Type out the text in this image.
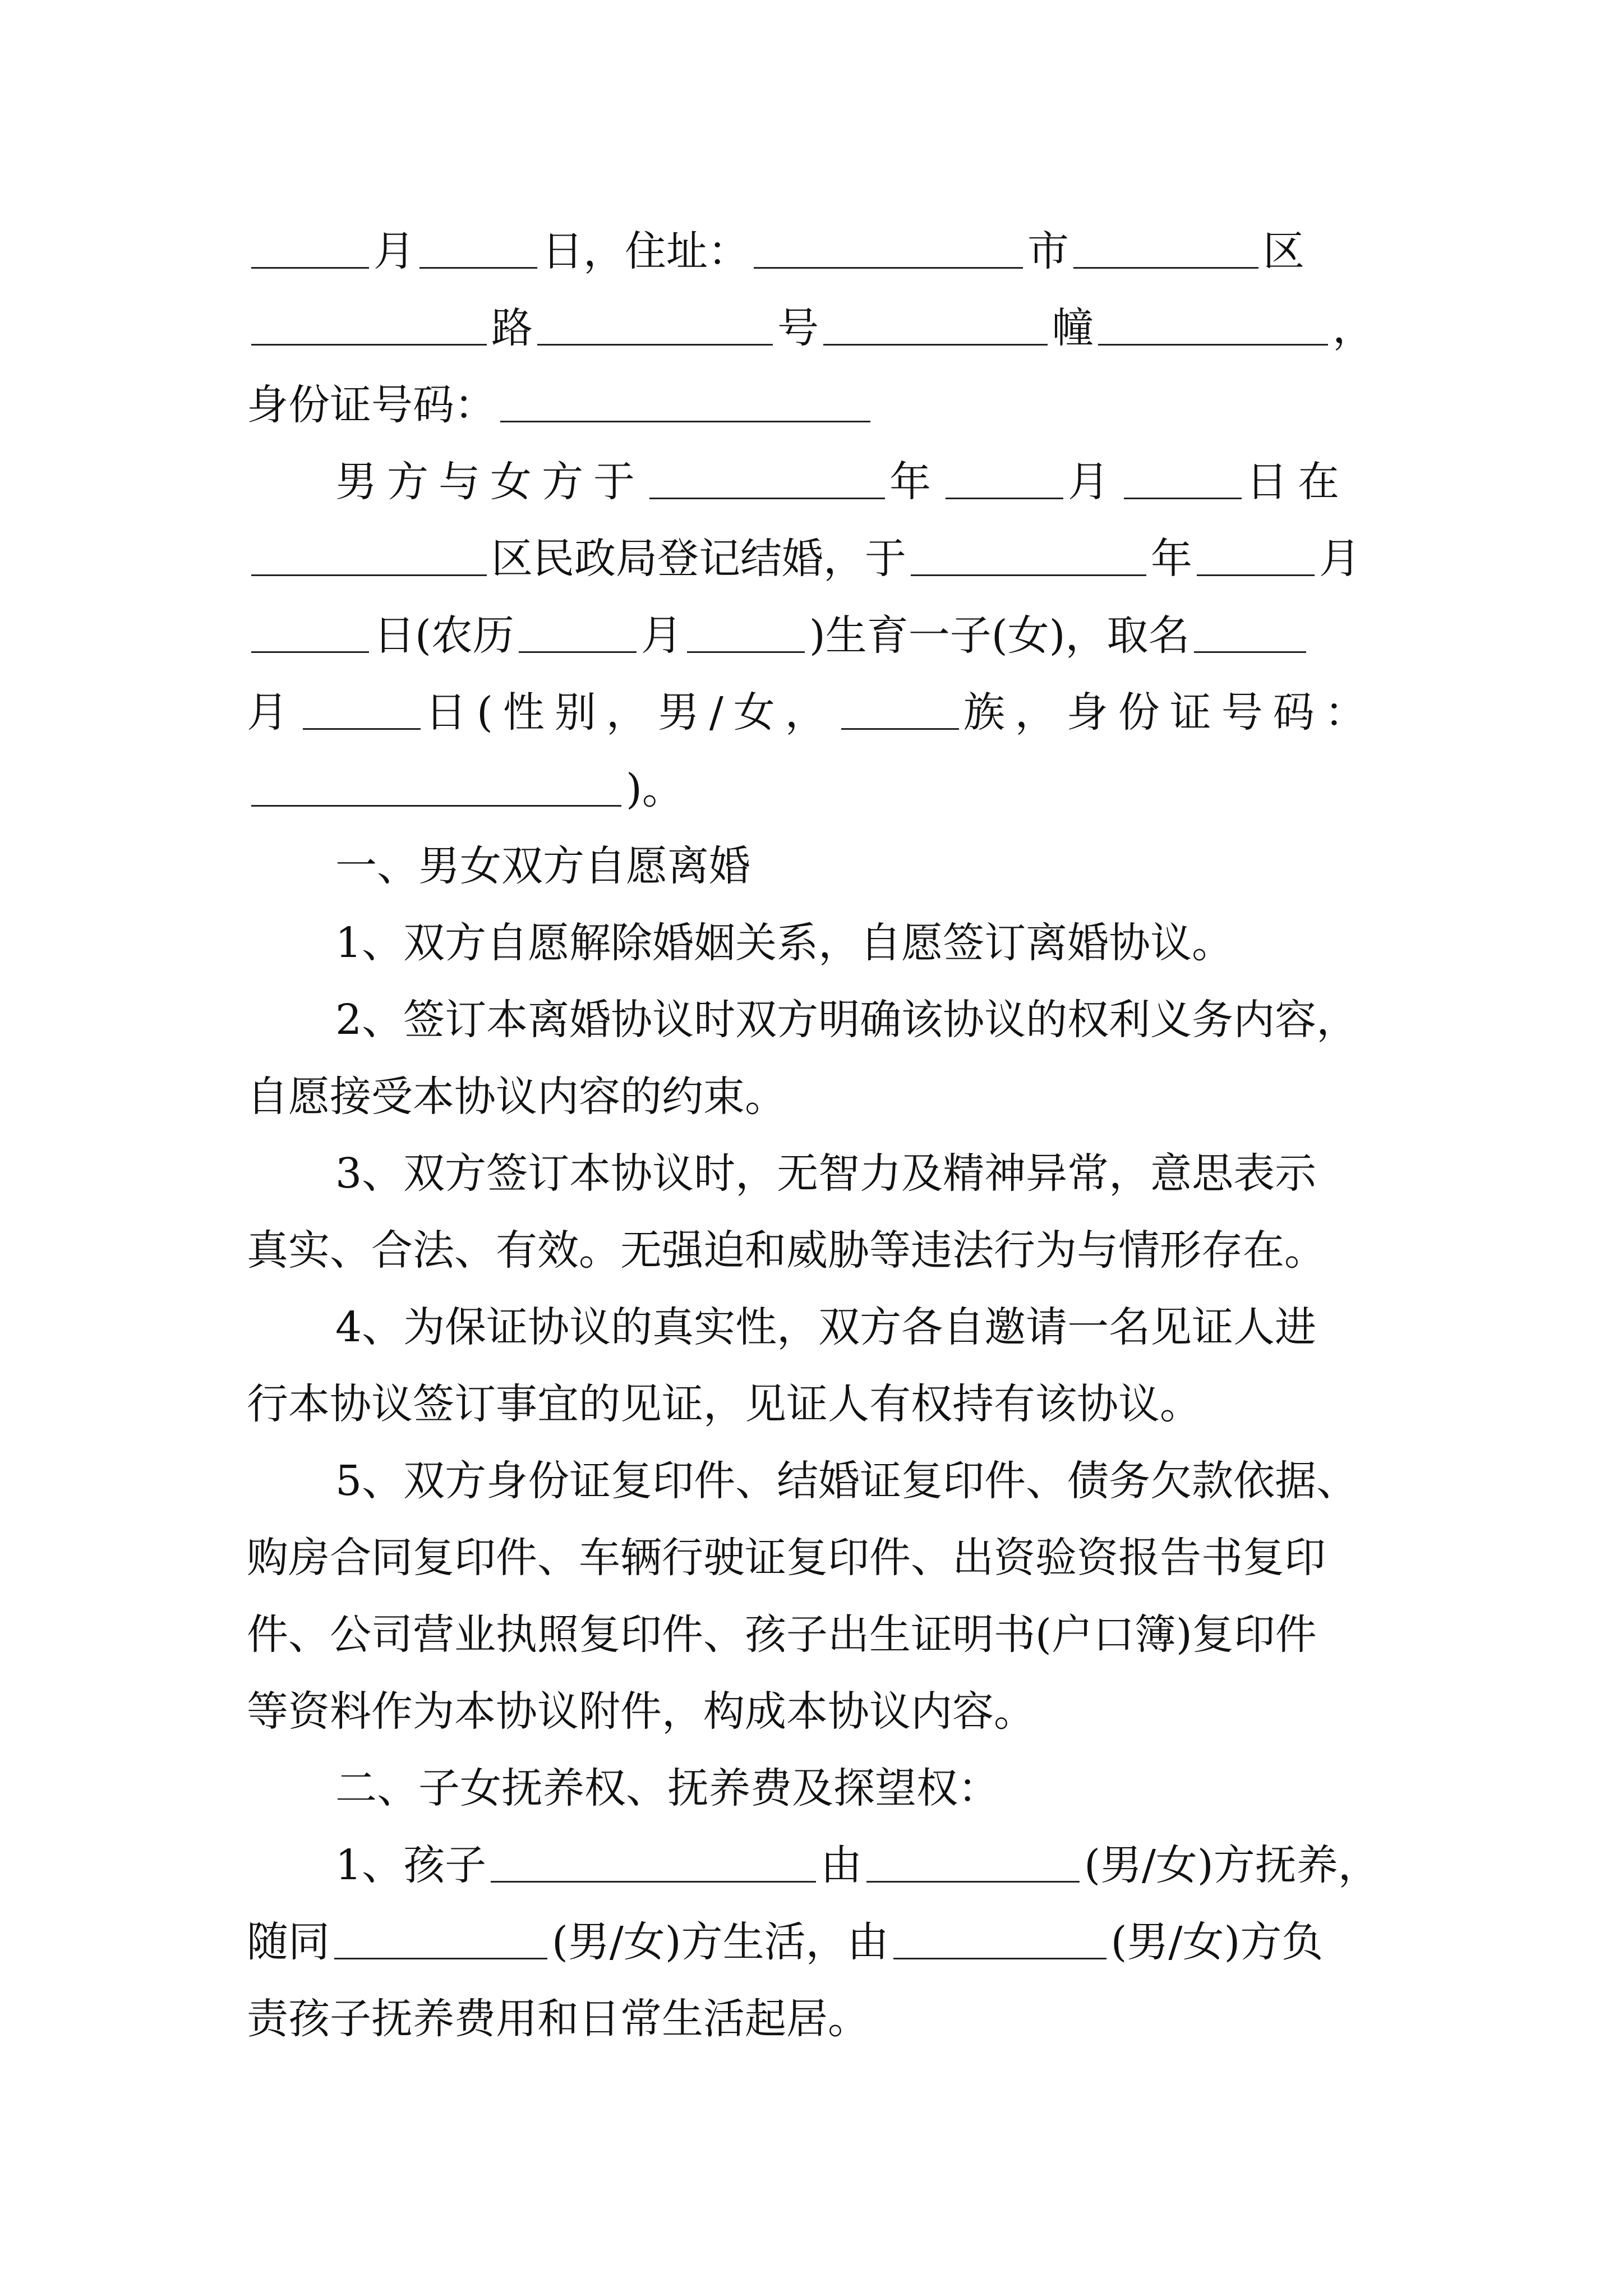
月	日，住址：	市	区
路	号	幢	，
身份证号码：
男方与女方于	年	月	日在
区民政局登记结婚，于	年	月
日(农历	月	)生育一子(女)，取名
月	日(性别，男/女，	族，身份证号码：
)。
一、男女双方自愿离婚
1、双方自愿解除婚姻关系，自愿签订离婚协议。
2、签订本离婚协议时双方明确该协议的权利义务内容，
自愿接受本协议内容的约束。
3、双方签订本协议时，无智力及精神异常，意思表示
真实、合法、有效。无强迫和威胁等违法行为与情形存在。
4、为保证协议的真实性，双方各自邀请一名见证人进
行本协议签订事宜的见证，见证人有权持有该协议。
5、双方身份证复印件、结婚证复印件、债务欠款依据、
购房合同复印件、车辆行驶证复印件、出资验资报告书复印
件、公司营业执照复印件、孩子出生证明书(户口簿)复印件
等资料作为本协议附件，构成本协议内容。
二、子女抚养权、抚养费及探望权：
1、孩子	由	(男/女)方抚养，
随同	(男/女)方生活，由	(男/女)方负
责孩子抚养费用和日常生活起居。
